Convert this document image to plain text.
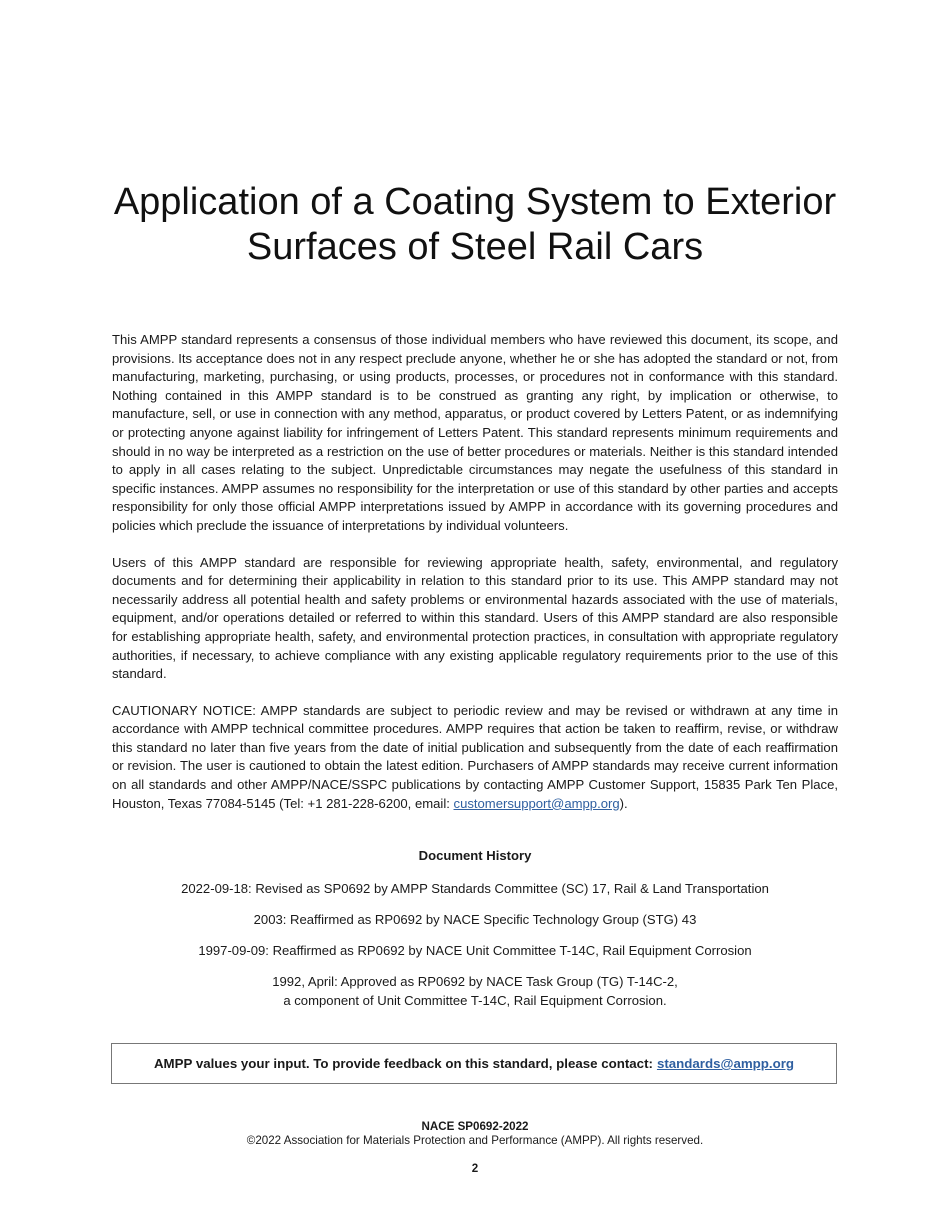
Application of a Coating System to Exterior
Surfaces of Steel Rail Cars

This AMPP standard represents a consensus of those individual members who have reviewed this document, its scope, and provisions. Its acceptance does not in any respect preclude anyone, whether he or she has adopted the standard or not, from manufacturing, marketing, purchasing, or using products, processes, or procedures not in conformance with this standard. Nothing contained in this AMPP standard is to be construed as granting any right, by implication or otherwise, to manufacture, sell, or use in connection with any method, apparatus, or product covered by Letters Patent, or as indemnifying or protecting anyone against liability for infringement of Letters Patent. This standard represents minimum requirements and should in no way be interpreted as a restriction on the use of better procedures or materials. Neither is this standard intended to apply in all cases relating to the subject. Unpredictable circumstances may negate the usefulness of this standard in specific instances. AMPP assumes no responsibility for the interpretation or use of this standard by other parties and accepts responsibility for only those official AMPP interpretations issued by AMPP in accordance with its governing procedures and policies which preclude the issuance of interpretations by individual volunteers.

Users of this AMPP standard are responsible for reviewing appropriate health, safety, environmental, and regulatory documents and for determining their applicability in relation to this standard prior to its use. This AMPP standard may not necessarily address all potential health and safety problems or environmental hazards associated with the use of materials, equipment, and/or operations detailed or referred to within this standard. Users of this AMPP standard are also responsible for establishing appropriate health, safety, and environmental protection practices, in consultation with appropriate regulatory authorities, if necessary, to achieve compliance with any existing applicable regulatory requirements prior to the use of this standard.

CAUTIONARY NOTICE: AMPP standards are subject to periodic review and may be revised or withdrawn at any time in accordance with AMPP technical committee procedures. AMPP requires that action be taken to reaffirm, revise, or withdraw this standard no later than five years from the date of initial publication and subsequently from the date of each reaffirmation or revision. The user is cautioned to obtain the latest edition. Purchasers of AMPP standards may receive current information on all standards and other AMPP/NACE/SSPC publications by contacting AMPP Customer Support, 15835 Park Ten Place, Houston, Texas 77084-5145 (Tel: +1 281-228-6200, email: customersupport@ampp.org).

Document History
2022-09-18: Revised as SP0692 by AMPP Standards Committee (SC) 17, Rail & Land Transportation
2003: Reaffirmed as RP0692 by NACE Specific Technology Group (STG) 43
1997-09-09: Reaffirmed as RP0692 by NACE Unit Committee T-14C, Rail Equipment Corrosion
1992, April: Approved as RP0692 by NACE Task Group (TG) T-14C-2,
a component of Unit Committee T-14C, Rail Equipment Corrosion.
AMPP values your input. To provide feedback on this standard, please contact: standards@ampp.org
NACE SP0692-2022
©2022 Association for Materials Protection and Performance (AMPP). All rights reserved.
2
